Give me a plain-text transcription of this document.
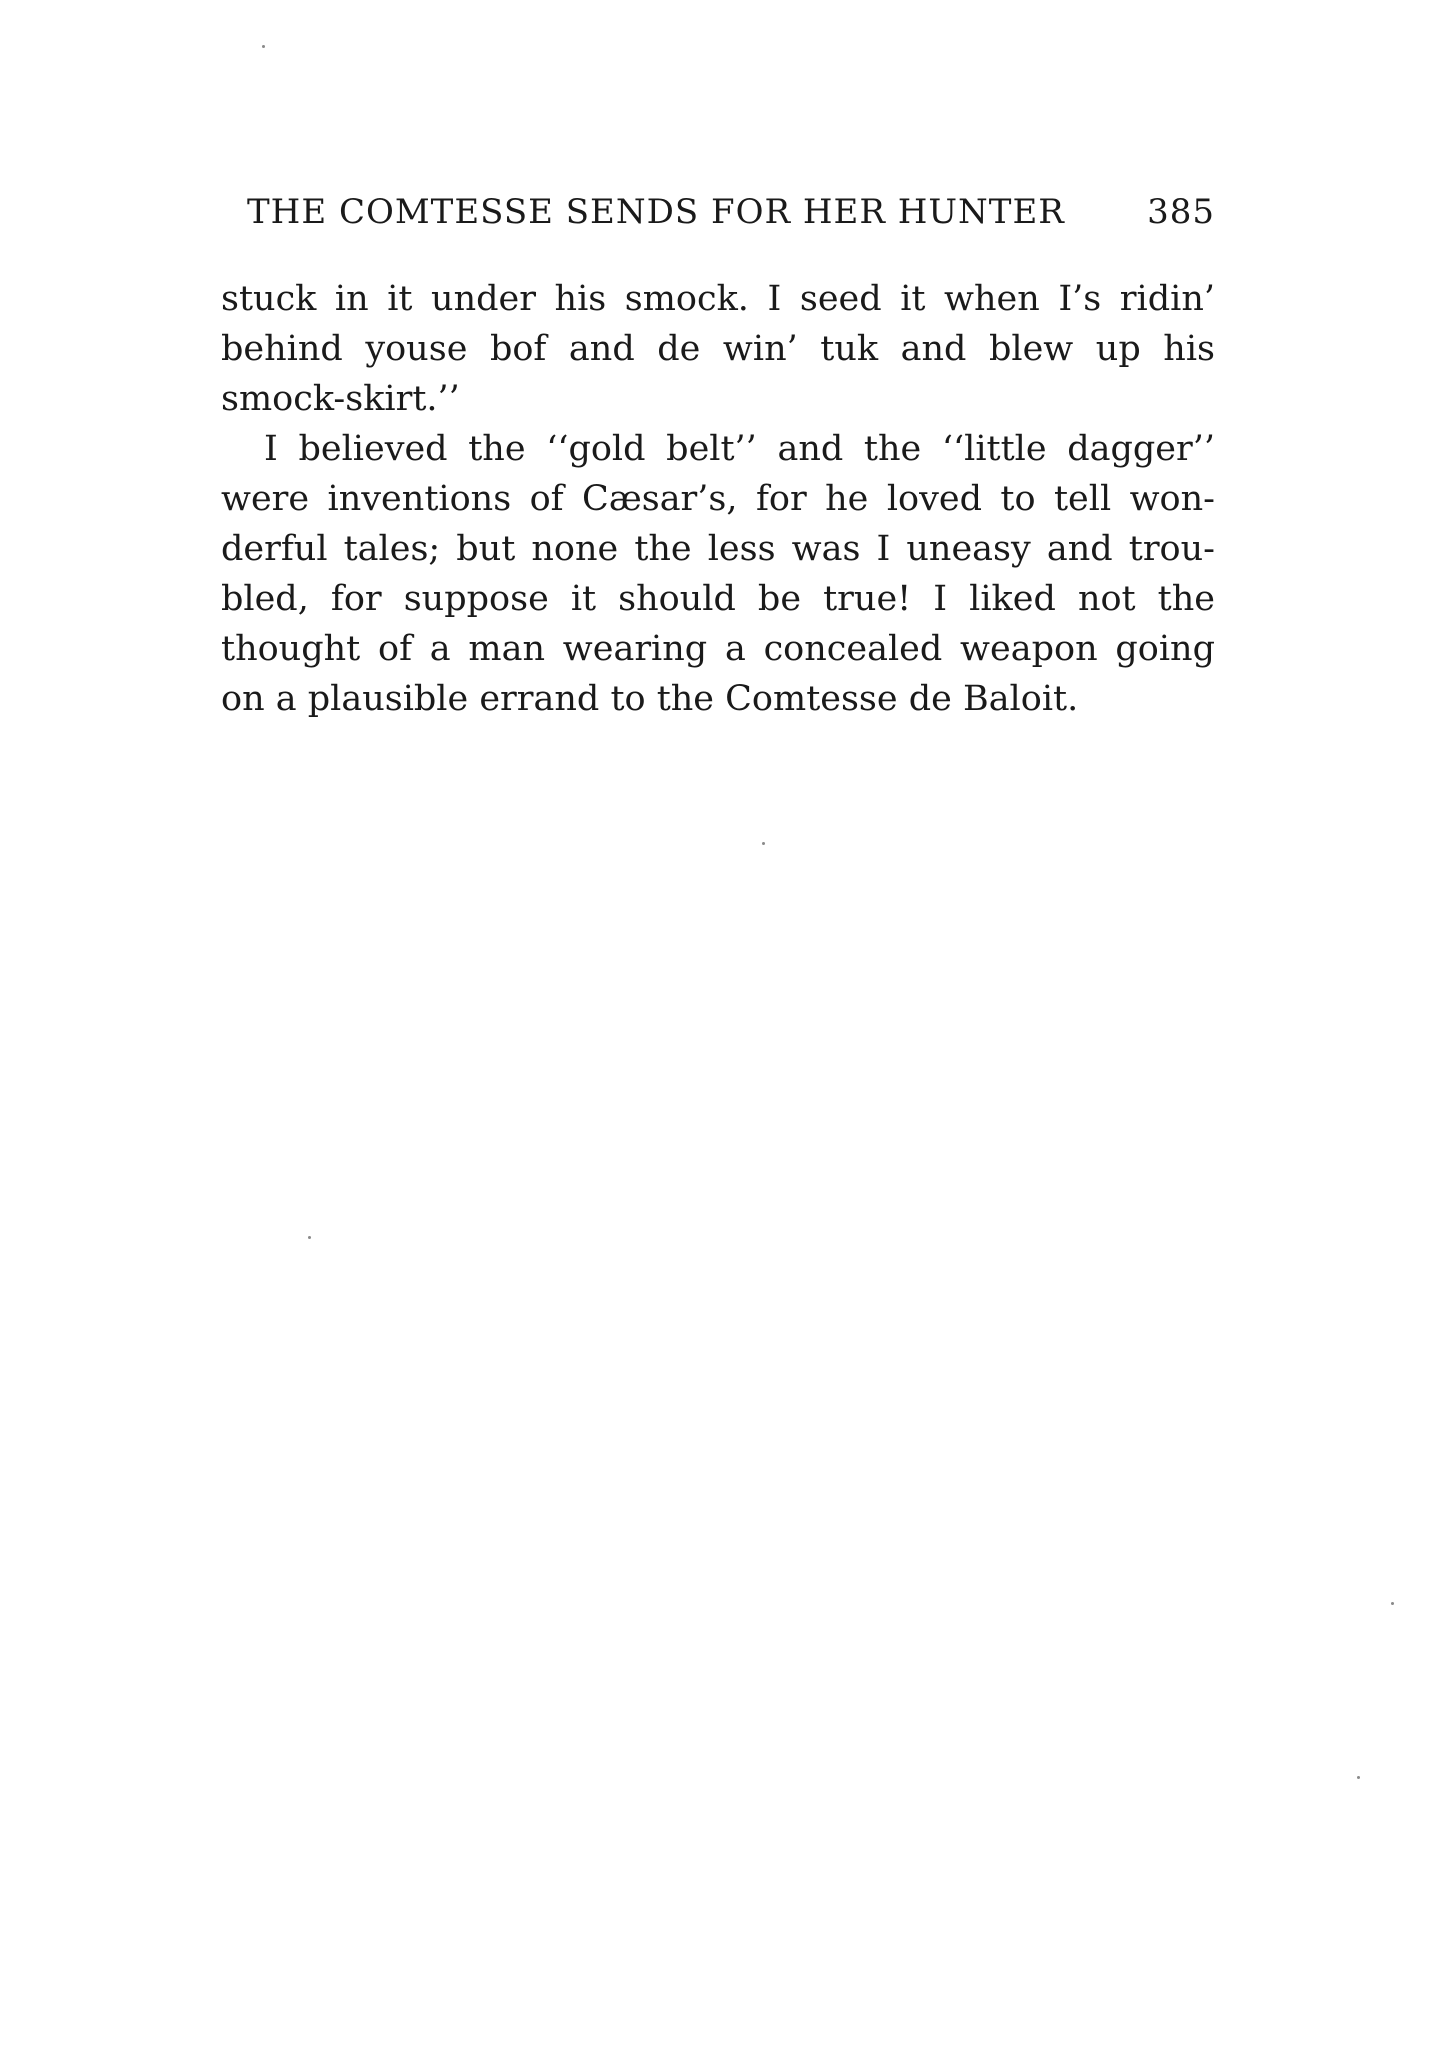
THE COMTESSE SENDS FOR HER HUNTER 385
stuck in it under his smock. I seed it when I’s ridin’
behind youse bof and de win’ tuk and blew up his
smock-skirt.’’
I believed the ‘‘gold belt’’ and the ‘‘little dagger’’
were inventions of Cæsar’s, for he loved to tell won-
derful tales; but none the less was I uneasy and trou-
bled, for suppose it should be true! I liked not the
thought of a man wearing a concealed weapon going
on a plausible errand to the Comtesse de Baloit.
